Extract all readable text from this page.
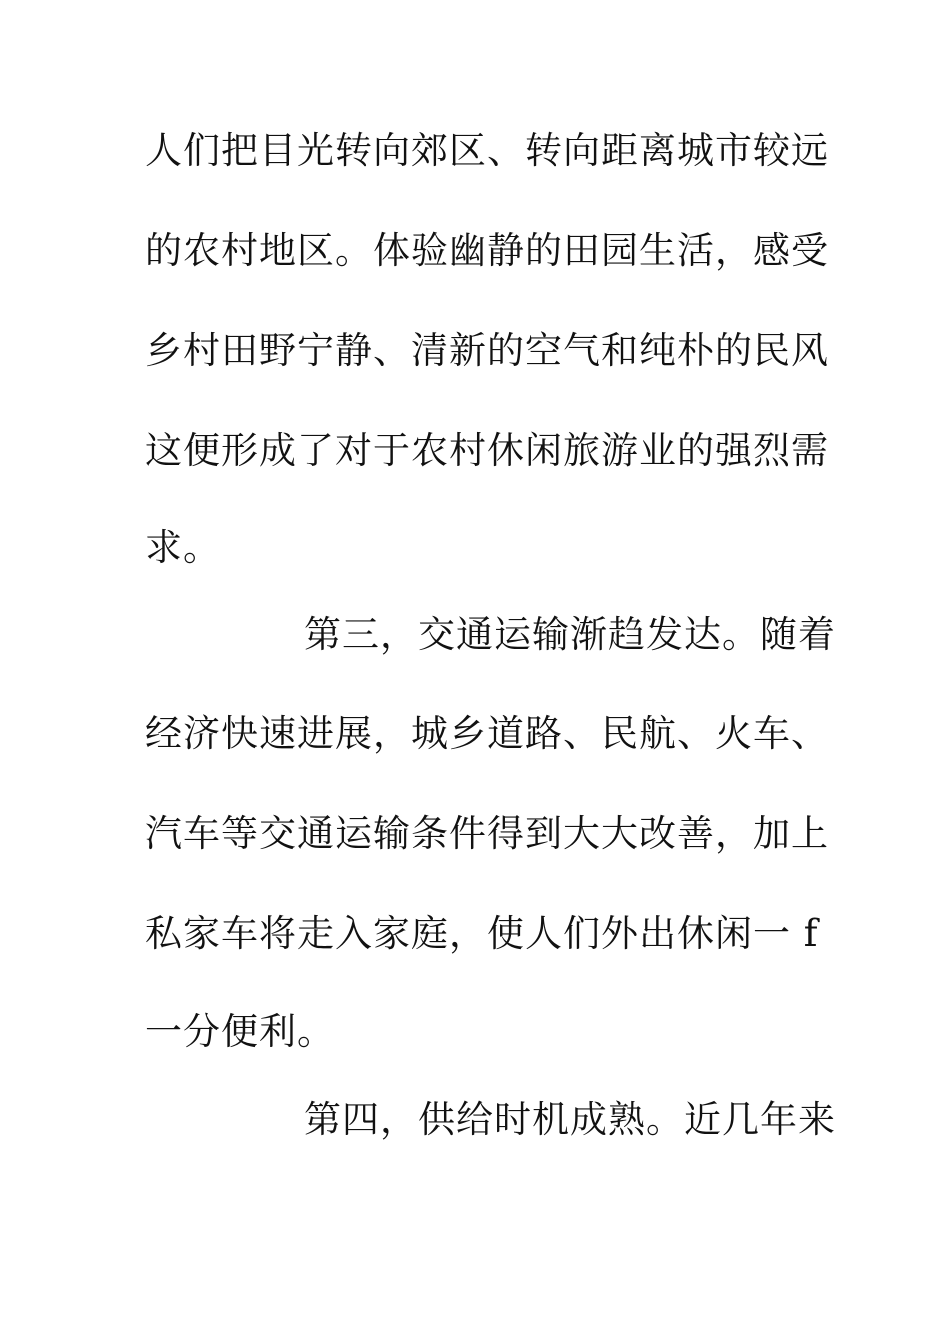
人们把目光转向郊区、转向距离城市较远
的农村地区。体验幽静的田园生活，感受
乡村田野宁静、清新的空气和纯朴的民风
这便形成了对于农村休闲旅游业的强烈需
求。
第三，交通运输渐趋发达。随着
经济快速进展，城乡道路、民航、火车、
汽车等交通运输条件得到大大改善，加上
私家车将走入家庭，使人们外出休闲一 f
一分便利。
第四，供给时机成熟。近几年来
